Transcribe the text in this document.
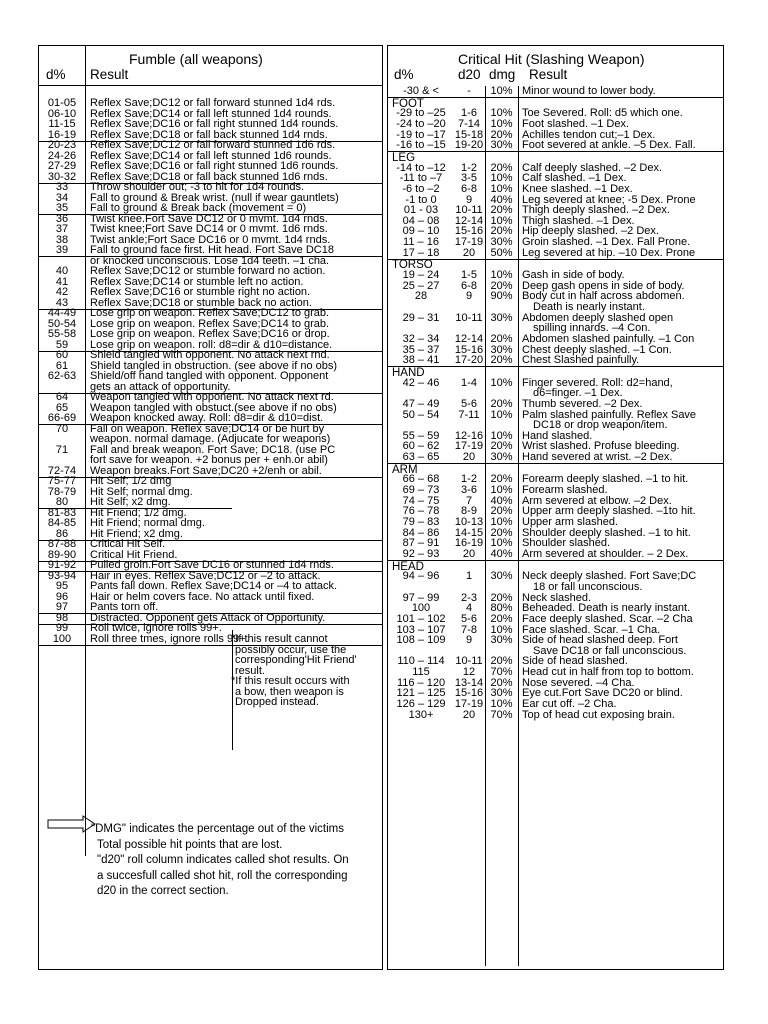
Fumble (all weapons)
d% Result
01-05	Reflex Save;DC12 or fall forward stunned 1d4 rds.
06-10	Reflex Save;DC14 or fall left stunned 1d4 rounds.
11-15	Reflex Save;DC16 or fall right stunned 1d4 rounds.
16-19	Reflex Save;DC18 or fall back stunned 1d4 rnds.
20-23	Reflex Save;DC12 or fall forward stunned 1d6 rds.
24-26	Reflex Save;DC14 or fall left stunned 1d6 rounds.
27-29	Reflex Save;DC16 or fall right stunned 1d6 rounds.
30-32	Reflex Save;DC18 or fall back stunned 1d6 rnds.
33	Throw shoulder out; -3 to hit for 1d4 rounds.
34	Fall to ground & Break wrist. (null if wear gauntlets)
35	Fall to ground & Break back (movement = 0)
36	Twist knee.Fort Save DC12 or 0 mvmt. 1d4 rnds.
37	Twist knee;Fort Save DC14 or 0 mvmt. 1d6 rnds.
38	Twist ankle;Fort Sace DC16 or 0 mvmt. 1d4 rnds.
39	Fall to ground face first. Hit head. Fort Save DC18
or knocked unconscious. Lose 1d4 teeth. –1 cha.
40	Reflex Save;DC12 or stumble forward no action.
41	Reflex Save;DC14 or stumble left no action.
42	Reflex Save;DC16 or stumble right no action.
43	Reflex Save;DC18 or stumble back no action.
44-49	Lose grip on weapon. Reflex Save;DC12 to grab.
50-54	Lose grip on weapon. Reflex Save;DC14 to grab.
55-58	Lose grip on weapon. Reflex Save;DC16 or drop.
59	Lose grip on weapon. roll: d8=dir & d10=distance.
60	Shield tangled with opponent. No attack next rnd.
61	Shield tangled in obstruction. (see above if no obs)
62-63	Shield/off hand tangled with opponent. Opponent
gets an attack of opportunity.
64	Weapon tangled with opponent. No attack next rd.
65	Weapon tangled with obstuct.(see above if no obs)
66-69	Weapon knocked away. Roll: d8=dir & d10=dist.
70	Fall on weapon. Reflex save;DC14 or be hurt by
weapon. normal damage. (Adjucate for weapons)
71	Fall and break weapon. Fort Save; DC18. (use PC
fort save for weapon. +2 bonus per + enh.or abil)
72-74	Weapon breaks.Fort Save;DC20 +2/enh or abil.
75-77	Hit Self; 1/2 dmg
78-79	Hit Self; normal dmg.
80	Hit Self; x2 dmg.
81-83	Hit Friend; 1/2 dmg.
84-85	Hit Friend; normal dmg.
86	Hit Friend; x2 dmg.
87-88	Critical Hit Self.
89-90	Critical Hit Friend.
91-92	Pulled groin.Fort Save DC16 or stunned 1d4 rnds.
93-94	Hair in eyes. Reflex Save;DC12 or –2 to attack.
95	Pants fall down. Reflex Save;DC14 or –4 to attack.
96	Hair or helm covers face. No attack until fixed.
97	Pants torn off.
98	Distracted. Opponent gets Attack of Opportunity.
99	Roll twice, ignore rolls 99+.
100	Roll three tmes, ignore rolls 99+.
*If this result cannot
possibly occur, use the
corresponding'Hit Friend'
result.
*If this result occurs with
a bow, then weapon is
Dropped instead.
"DMG" indicates the percentage out of the victims
Total possible hit points that are lost.
"d20" roll column indicates called shot results. On
a succesfull called shot hit, roll the corresponding
d20 in the correct section.
Critical Hit (Slashing Weapon)
d%	d20 dmg Result
-30 & <	-	10% Minor wound to lower body.
FOOT
-29 to –25	1-6	10% Toe Severed. Roll: d5 which one.
-24 to –20	7-14 10% Foot slashed. –1 Dex.
-19 to –17 15-18 20% Achilles tendon cut;–1 Dex.
-16 to –15 19-20 30% Foot severed at ankle. –5 Dex. Fall.
LEG
-14 to –12	1-2	20% Calf deeply slashed. –2 Dex.
-11 to –7	3-5	10% Calf slashed. –1 Dex.
-6 to –2	6-8	10% Knee slashed. –1 Dex.
-1 to 0	9	40% Leg severed at knee; -5 Dex. Prone
01 - 03	10-11 20% Thigh deeply slashed. –2 Dex.
04 – 08	12-14 10% Thigh slashed. –1 Dex.
09 – 10	15-16 20% Hip deeply slashed. –2 Dex.
11 – 16	17-19 30% Groin slashed. –1 Dex. Fall Prone.
17 – 18	20	50% Leg severed at hip. –10 Dex. Prone
TORSO
19 – 24	1-5	10% Gash in side of body.
25 – 27	6-8	20% Deep gash opens in side of body.
28	9	90% Body cut in half across abdomen.
Death is nearly instant.
29 – 31	10-11 30% Abdomen deeply slashed open
spilling innards. –4 Con.
32 – 34	12-14 20% Abdomen slashed painfully. –1 Con
35 – 37	15-16 30% Chest deeply slashed. –1 Con.
38 – 41	17-20 20% Chest Slashed painfully.
HAND
42 – 46	1-4	10% Finger severed. Roll: d2=hand,
d6=finger. –1 Dex.
47 – 49	5-6	20% Thumb severed. –2 Dex.
50 – 54	7-11 10% Palm slashed painfully. Reflex Save
DC18 or drop weapon/item.
55 – 59	12-16 10% Hand slashed.
60 – 62	17-19 20% Wrist slashed. Profuse bleeding.
63 – 65	20	30% Hand severed at wrist. –2 Dex.
ARM
66 – 68	1-2	20% Forearm deeply slashed. –1 to hit.
69 – 73	3-6	10% Forearm slashed.
74 – 75	7	40% Arm severed at elbow. –2 Dex.
76 – 78	8-9	20% Upper arm deeply slashed. –1to hit.
79 – 83	10-13 10% Upper arm slashed.
84 – 86	14-15 20% Shoulder deeply slashed. –1 to hit.
87 – 91	16-19 10% Shoulder slashed.
92 – 93	20	40% Arm severed at shoulder. – 2 Dex.
HEAD
94 – 96	1	30% Neck deeply slashed. Fort Save;DC
18 or fall unconscious.
97 – 99	2-3	20% Neck slashed.
100	4	80% Beheaded. Death is nearly instant.
101 – 102	5-6	20% Face deeply slashed. Scar. –2 Cha
103 – 107	7-8	10% Face slashed. Scar. –1 Cha.
108 – 109	9	30% Side of head slashed deep. Fort
Save DC18 or fall unconscious.
110 – 114 10-11 20% Side of head slashed.
115	12	70% Head cut in half from top to bottom.
116 – 120 13-14 20% Nose severed. –4 Cha.
121 – 125 15-16 30% Eye cut.Fort Save DC20 or blind.
126 – 129 17-19 10% Ear cut off. –2 Cha.
130+	20	70% Top of head cut exposing brain.
